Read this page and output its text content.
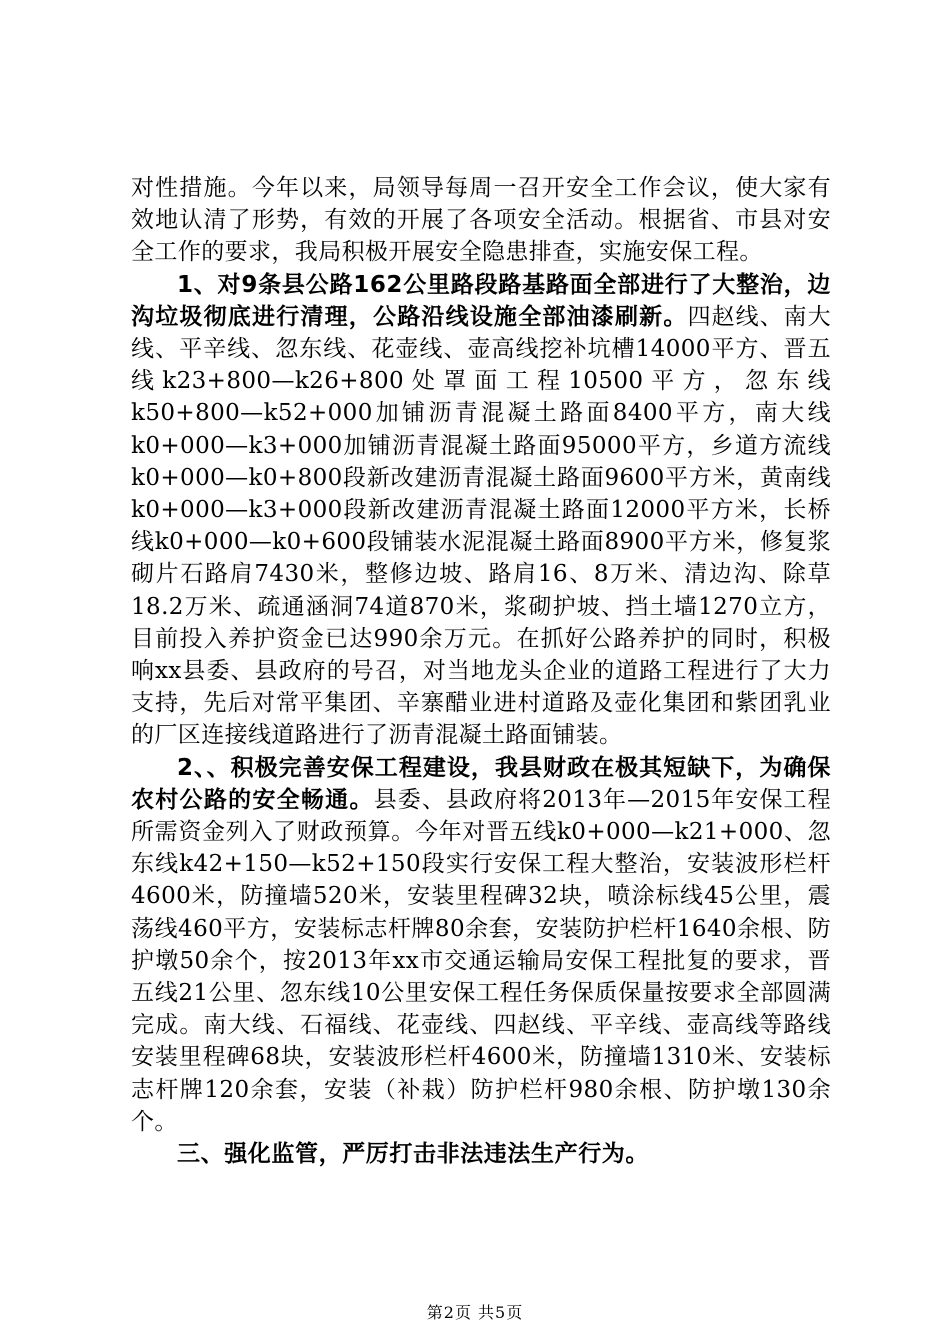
对性措施。今年以来，局领导每周一召开安全工作会议，使大家有效地认清了形势，有效的开展了各项安全活动。根据省、市县对安全工作的要求，我局积极开展安全隐患排查，实施安保工程。

1、对9条县公路162公里路段路基路面全部进行了大整治，边沟垃圾彻底进行清理，公路沿线设施全部油漆刷新。四赵线、南大线、平辛线、忽东线、花壶线、壶高线挖补坑槽14000平方、晋五线k23+800—k26+800处罩面工程10500平方，忽东线k50+800—k52+000加铺沥青混凝土路面8400平方，南大线k0+000—k3+000加铺沥青混凝土路面95000平方，乡道方流线k0+000—k0+800段新改建沥青混凝土路面9600平方米，黄南线k0+000—k3+000段新改建沥青混凝土路面12000平方米，长桥线k0+000—k0+600段铺装水泥混凝土路面8900平方米，修复浆砌片石路肩7430米，整修边坡、路肩16、8万米、清边沟、除草18.2万米、疏通涵洞74道870米，浆砌护坡、挡土墙1270立方，目前投入养护资金已达990余万元。在抓好公路养护的同时，积极响xx县委、县政府的号召，对当地龙头企业的道路工程进行了大力支持，先后对常平集团、辛寨醋业进村道路及壶化集团和紫团乳业的厂区连接线道路进行了沥青混凝土路面铺装。

2、、积极完善安保工程建设，我县财政在极其短缺下，为确保农村公路的安全畅通。县委、县政府将2013年—2015年安保工程所需资金列入了财政预算。今年对晋五线k0+000—k21+000、忽东线k42+150—k52+150段实行安保工程大整治，安装波形栏杆4600米，防撞墙520米，安装里程碑32块，喷涂标线45公里，震荡线460平方，安装标志杆牌80余套，安装防护栏杆1640余根、防护墩50余个，按2013年xx市交通运输局安保工程批复的要求，晋五线21公里、忽东线10公里安保工程任务保质保量按要求全部圆满完成。南大线、石福线、花壶线、四赵线、平辛线、壶高线等路线安装里程碑68块，安装波形栏杆4600米，防撞墙1310米、安装标志杆牌120余套，安装（补栽）防护栏杆980余根、防护墩130余个。

三、强化监管，严厉打击非法违法生产行为。

第2页 共5页
